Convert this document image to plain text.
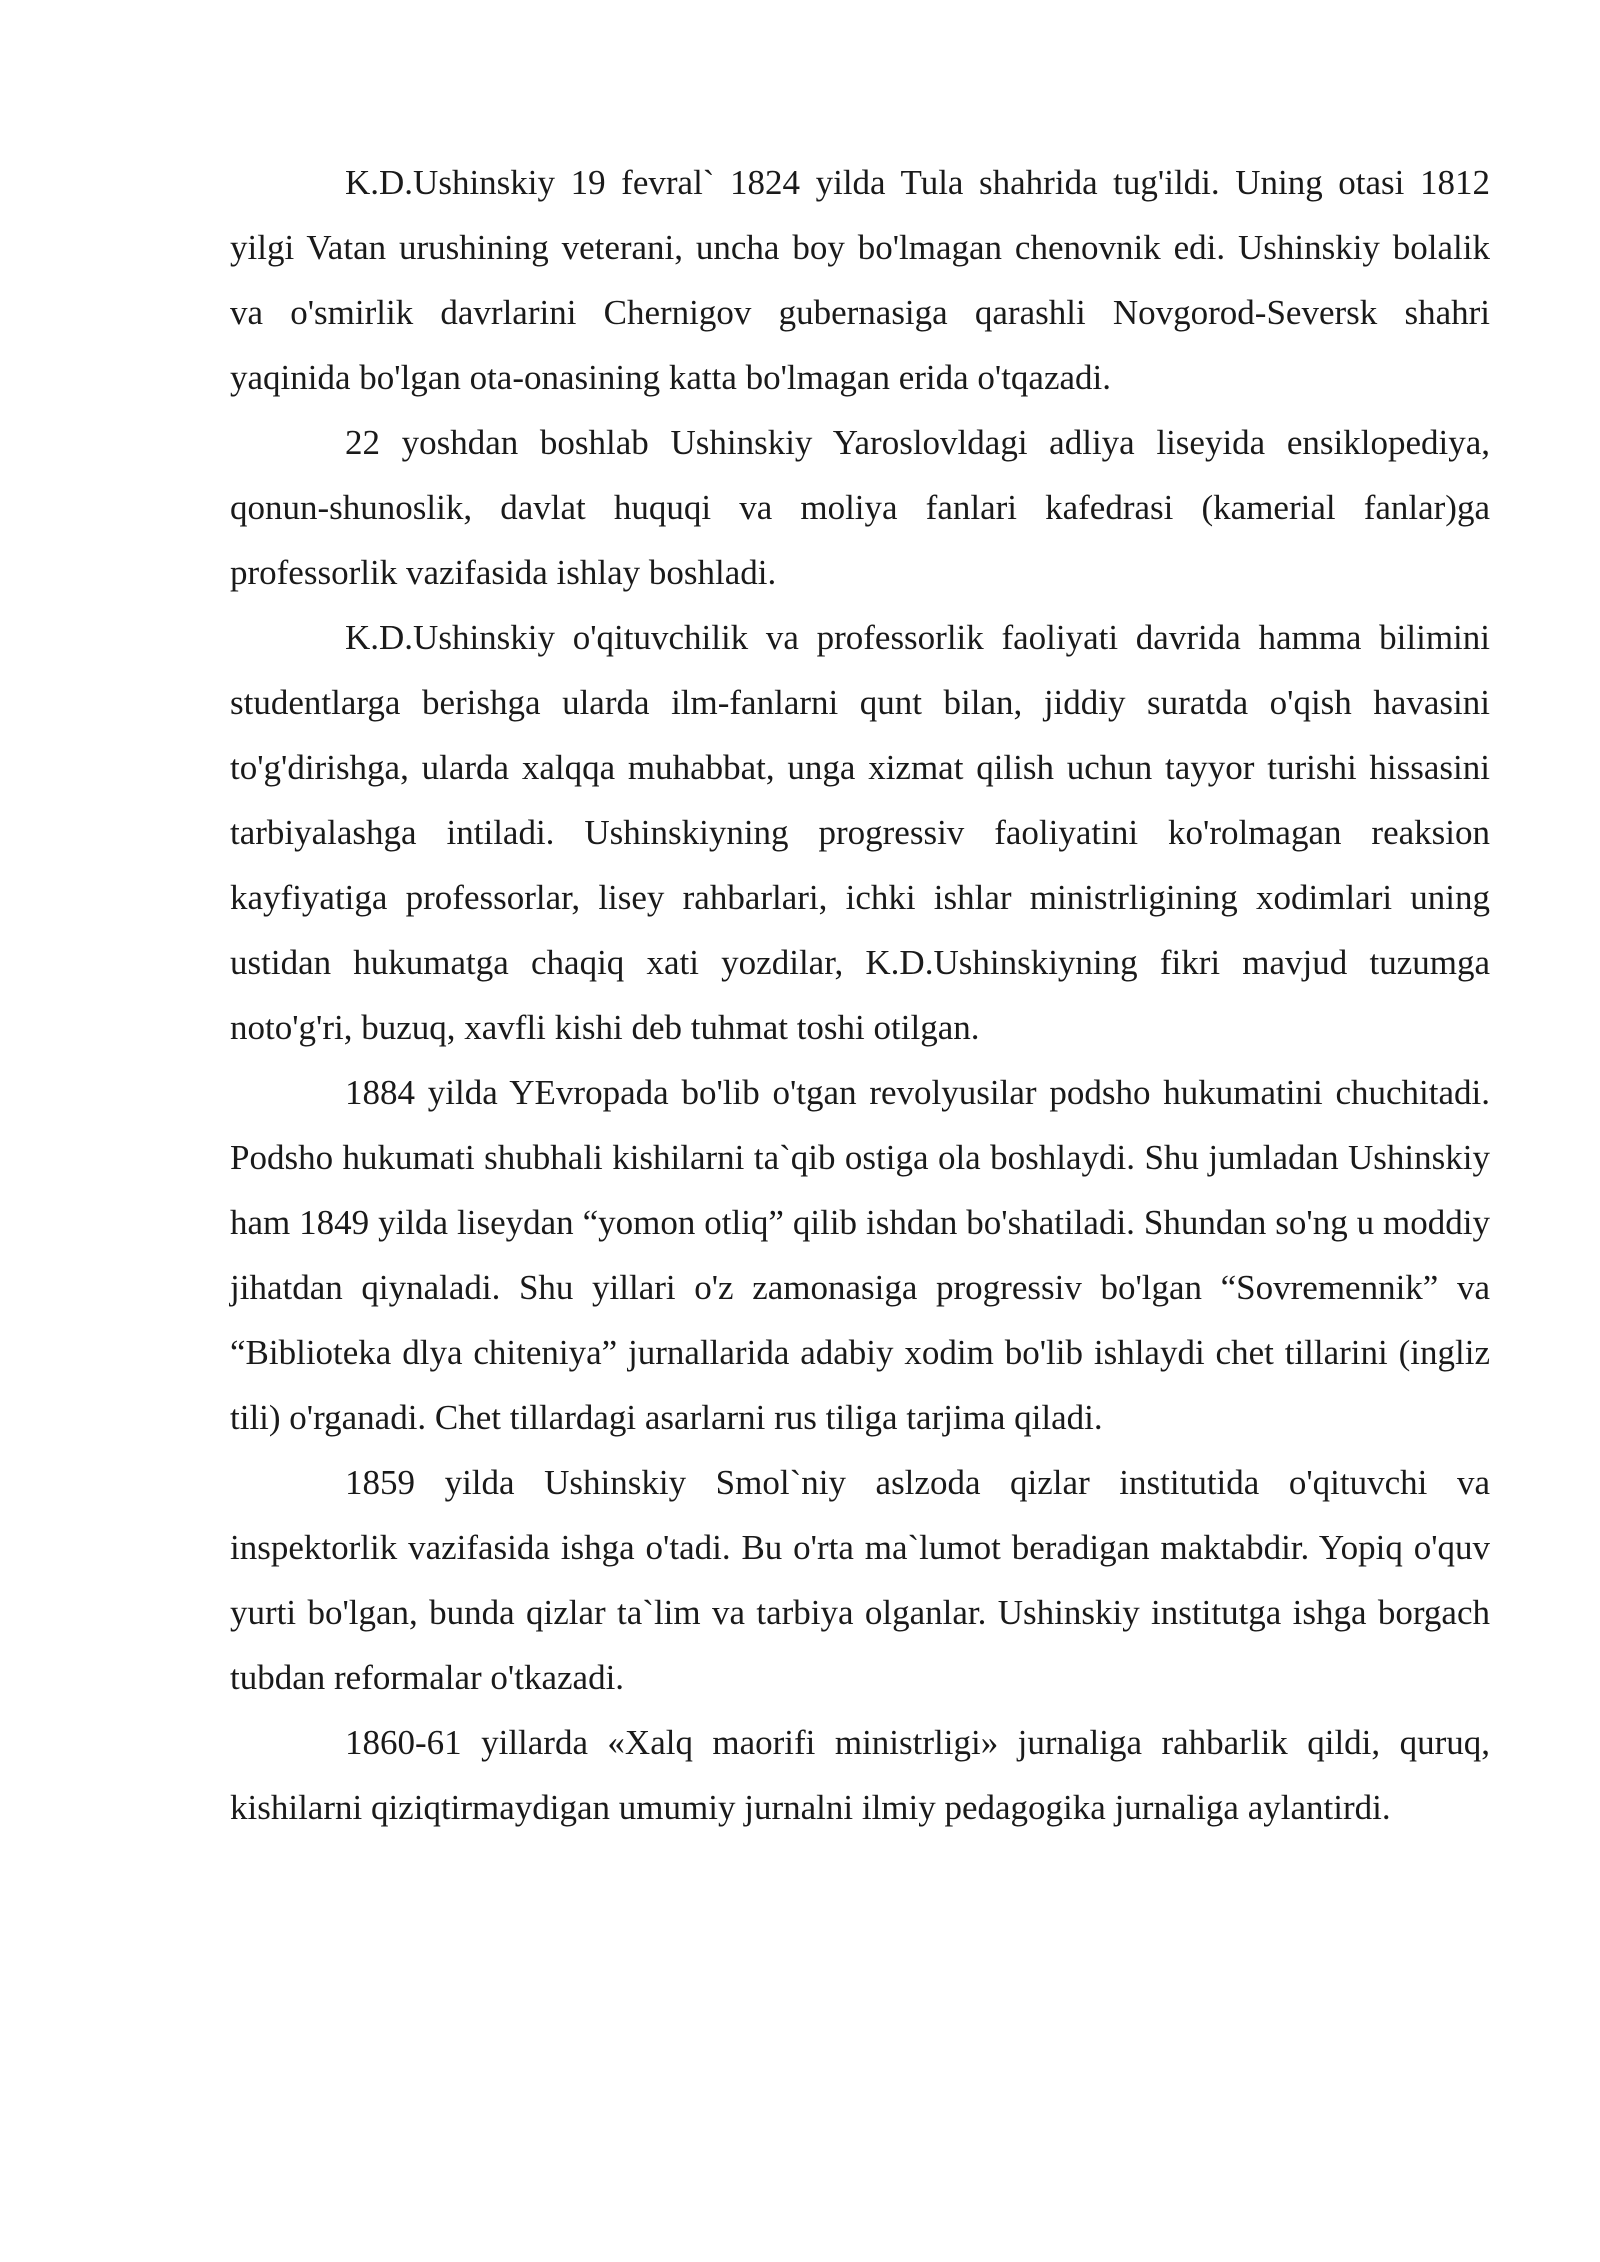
K.D.Ushinskiy 19 fevral` 1824 yilda Tula shahrida tug'ildi. Uning otasi 1812 yilgi Vatan urushining veterani, uncha boy bo'lmagan chenovnik edi. Ushinskiy bolalik va o'smirlik davrlarini Chernigov gubernasiga qarashli Novgorod-Seversk shahri yaqinida bo'lgan ota-onasining katta bo'lmagan erida o'tqazadi.

22 yoshdan boshlab Ushinskiy Yaroslovldagi adliya liseyida ensiklopediya, qonun-shunoslik, davlat huquqi va moliya fanlari kafedrasi (kamerial fanlar)ga professorlik vazifasida ishlay boshladi.

K.D.Ushinskiy o'qituvchilik va professorlik faoliyati davrida hamma bilimini studentlarga berishga ularda ilm-fanlarni qunt bilan, jiddiy suratda o'qish havasini to'g'dirishga, ularda xalqqa muhabbat, unga xizmat qilish uchun tayyor turishi hissasini tarbiyalashga intiladi. Ushinskiyning progressiv faoliyatini ko'rolmagan reaksion kayfiyatiga professorlar, lisey rahbarlari, ichki ishlar ministrligining xodimlari uning ustidan hukumatga chaqiq xati yozdilar, K.D.Ushinskiyning fikri mavjud tuzumga noto'g'ri, buzuq, xavfli kishi deb tuhmat toshi otilgan.

1884 yilda YEvropada bo'lib o'tgan revolyusilar podsho hukumatini chuchitadi. Podsho hukumati shubhali kishilarni ta`qib ostiga ola boshlaydi. Shu jumladan Ushinskiy ham 1849 yilda liseydan “yomon otliq” qilib ishdan bo'shatiladi. Shundan so'ng u moddiy jihatdan qiynaladi. Shu yillari o'z zamonasiga progressiv bo'lgan “Sovremennik” va “Biblioteka dlya chiteniya” jurnallarida adabiy xodim bo'lib ishlaydi chet tillarini (ingliz tili) o'rganadi. Chet tillardagi asarlarni rus tiliga tarjima qiladi.

1859 yilda Ushinskiy Smol`niy aslzoda qizlar institutida o'qituvchi va inspektorlik vazifasida ishga o'tadi. Bu o'rta ma`lumot beradigan maktabdir. Yopiq o'quv yurti bo'lgan, bunda qizlar ta`lim va tarbiya olganlar. Ushinskiy institutga ishga borgach tubdan reformalar o'tkazadi.

1860-61 yillarda «Xalq maorifi ministrligi» jurnaliga rahbarlik qildi, quruq, kishilarni qiziqtirmaydigan umumiy jurnalni ilmiy pedagogika jurnaliga aylantirdi.
